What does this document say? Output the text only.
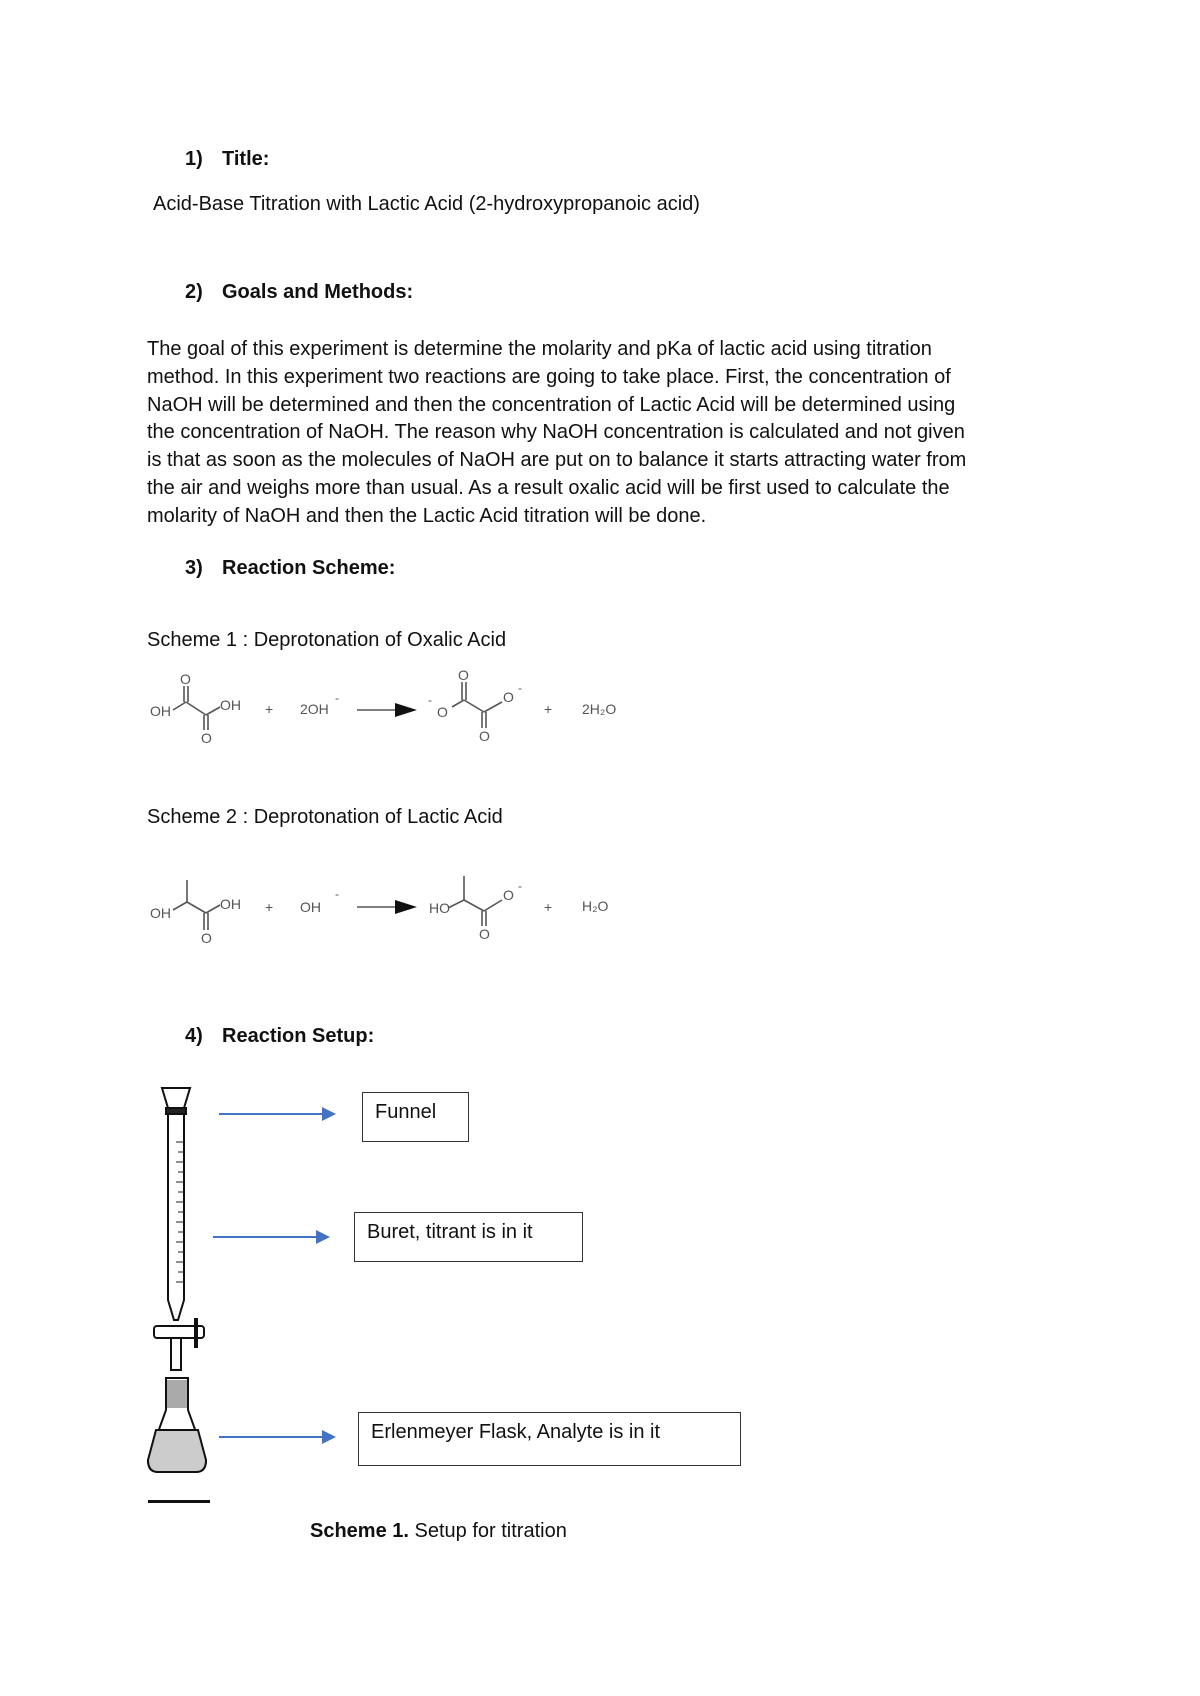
1) Title:
Acid-Base Titration with Lactic Acid (2-hydroxypropanoic acid)
2) Goals and Methods:
The goal of this experiment is determine the molarity and pKa of lactic acid using titration
method. In this experiment two reactions are going to take place. First, the concentration of
NaOH will be determined and then the concentration of Lactic Acid will be determined using
the concentration of NaOH. The reason why NaOH concentration is calculated and not given
is that as soon as the molecules of NaOH are put on to balance it starts attracting water from
the air and weighs more than usual. As a result oxalic acid will be first used to calculate the
molarity of NaOH and then the Lactic Acid titration will be done.
3) Reaction Scheme:
Scheme 1 : Deprotonation of Oxalic Acid
OH
O
OH
O
+ 2OH
-	-
O
O
O
-
O
+ 2H₂O
Scheme 2 : Deprotonation of Lactic Acid
OH
OH
O
+ OH
-
HO
O
-
O
+ H₂O
4) Reaction Setup:
Funnel
Buret, titrant is in it
Erlenmeyer Flask, Analyte is in it
Scheme 1. Setup for titration
